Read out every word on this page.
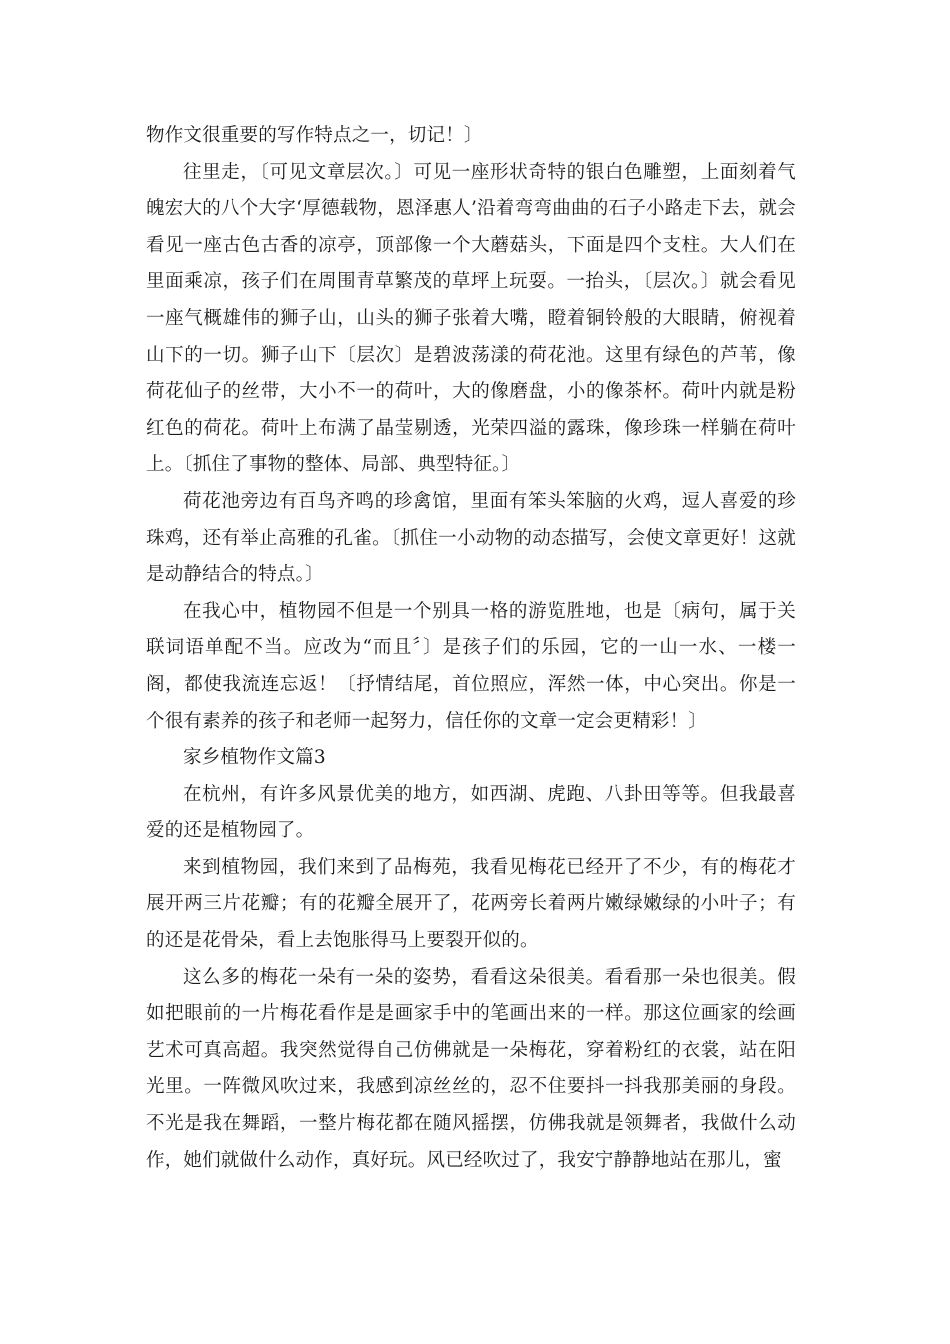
物作文很重要的写作特点之一，切记！〕

往里走，〔可见文章层次。〕可见一座形状奇特的银白色雕塑，上面刻着气魄宏大的八个大字‘厚德载物，恩泽惠人’沿着弯弯曲曲的石子小路走下去，就会看见一座古色古香的凉亭，顶部像一个大蘑菇头，下面是四个支柱。大人们在里面乘凉，孩子们在周围青草繁茂的草坪上玩耍。一抬头，〔层次。〕就会看见一座气概雄伟的狮子山，山头的狮子张着大嘴，瞪着铜铃般的大眼睛，俯视着山下的一切。狮子山下〔层次〕是碧波荡漾的荷花池。这里有绿色的芦苇，像荷花仙子的丝带，大小不一的荷叶，大的像磨盘，小的像茶杯。荷叶内就是粉红色的荷花。荷叶上布满了晶莹剔透，光荣四溢的露珠，像珍珠一样躺在荷叶上。〔抓住了事物的整体、局部、典型特征。〕

荷花池旁边有百鸟齐鸣的珍禽馆，里面有笨头笨脑的火鸡，逗人喜爱的珍珠鸡，还有举止高雅的孔雀。〔抓住一小动物的动态描写，会使文章更好！这就是动静结合的特点。〕

在我心中，植物园不但是一个别具一格的游览胜地，也是〔病句，属于关联词语单配不当。应改为“而且〞〕是孩子们的乐园，它的一山一水、一楼一阁，都使我流连忘返！〔抒情结尾，首位照应，浑然一体，中心突出。你是一个很有素养的孩子和老师一起努力，信任你的文章一定会更精彩！〕

家乡植物作文篇3

在杭州，有许多风景优美的地方，如西湖、虎跑、八卦田等等。但我最喜爱的还是植物园了。

来到植物园，我们来到了品梅苑，我看见梅花已经开了不少，有的梅花才展开两三片花瓣；有的花瓣全展开了，花两旁长着两片嫩绿嫩绿的小叶子；有的还是花骨朵，看上去饱胀得马上要裂开似的。

这么多的梅花一朵有一朵的姿势，看看这朵很美。看看那一朵也很美。假如把眼前的一片梅花看作是是画家手中的笔画出来的一样。那这位画家的绘画艺术可真高超。我突然觉得自己仿佛就是一朵梅花，穿着粉红的衣裳，站在阳光里。一阵微风吹过来，我感到凉丝丝的，忍不住要抖一抖我那美丽的身段。不光是我在舞蹈，一整片梅花都在随风摇摆，仿佛我就是领舞者，我做什么动作，她们就做什么动作，真好玩。风已经吹过了，我安宁静静地站在那儿，蜜
